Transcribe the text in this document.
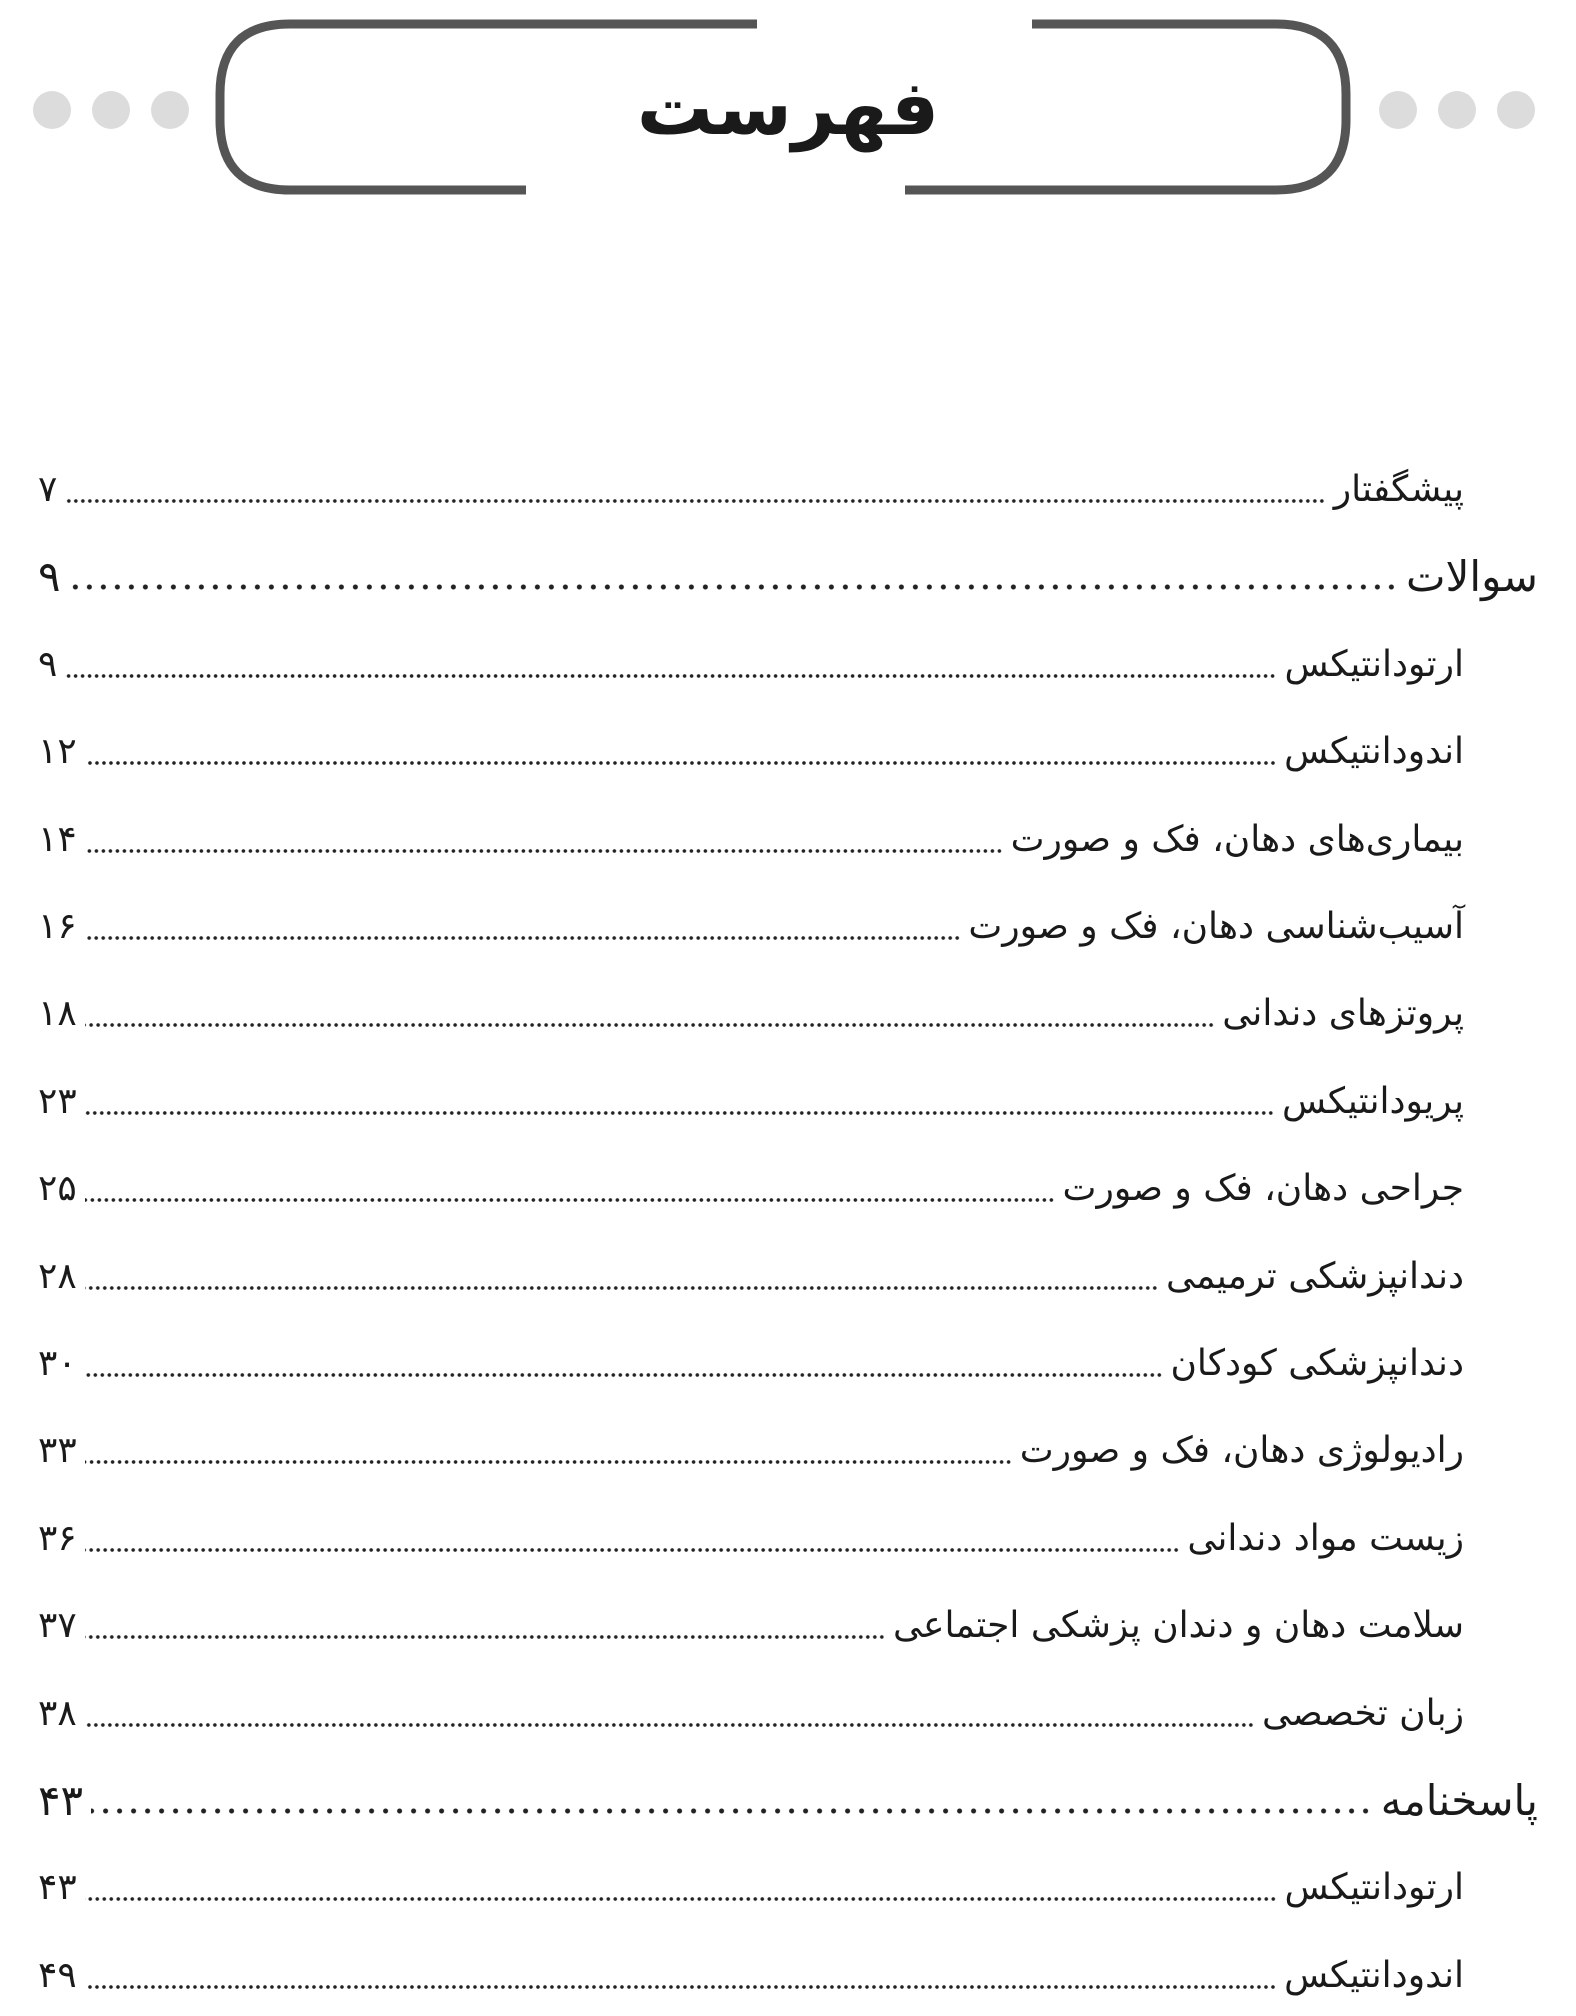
فهرست
۷	پیشگفتار
۹	سوالات
۹	ارتودانتیکس
۱۲	اندودانتیکس
۱۴	بیماری‌های دهان، فک و صورت
۱۶	آسیب‌شناسی دهان، فک و صورت
۱۸	پروتزهای دندانی
۲۳	پریودانتیکس
۲۵	جراحی دهان، فک و صورت
۲۸	دندانپزشکی ترمیمی
۳۰	دندانپزشکی کودکان
۳۳	رادیولوژی دهان، فک و صورت
۳۶	زیست مواد دندانی
۳۷	سلامت دهان و دندان پزشکی اجتماعی
۳۸	زبان تخصصی
۴۳	پاسخنامه
۴۳	ارتودانتیکس
۴۹	اندودانتیکس
